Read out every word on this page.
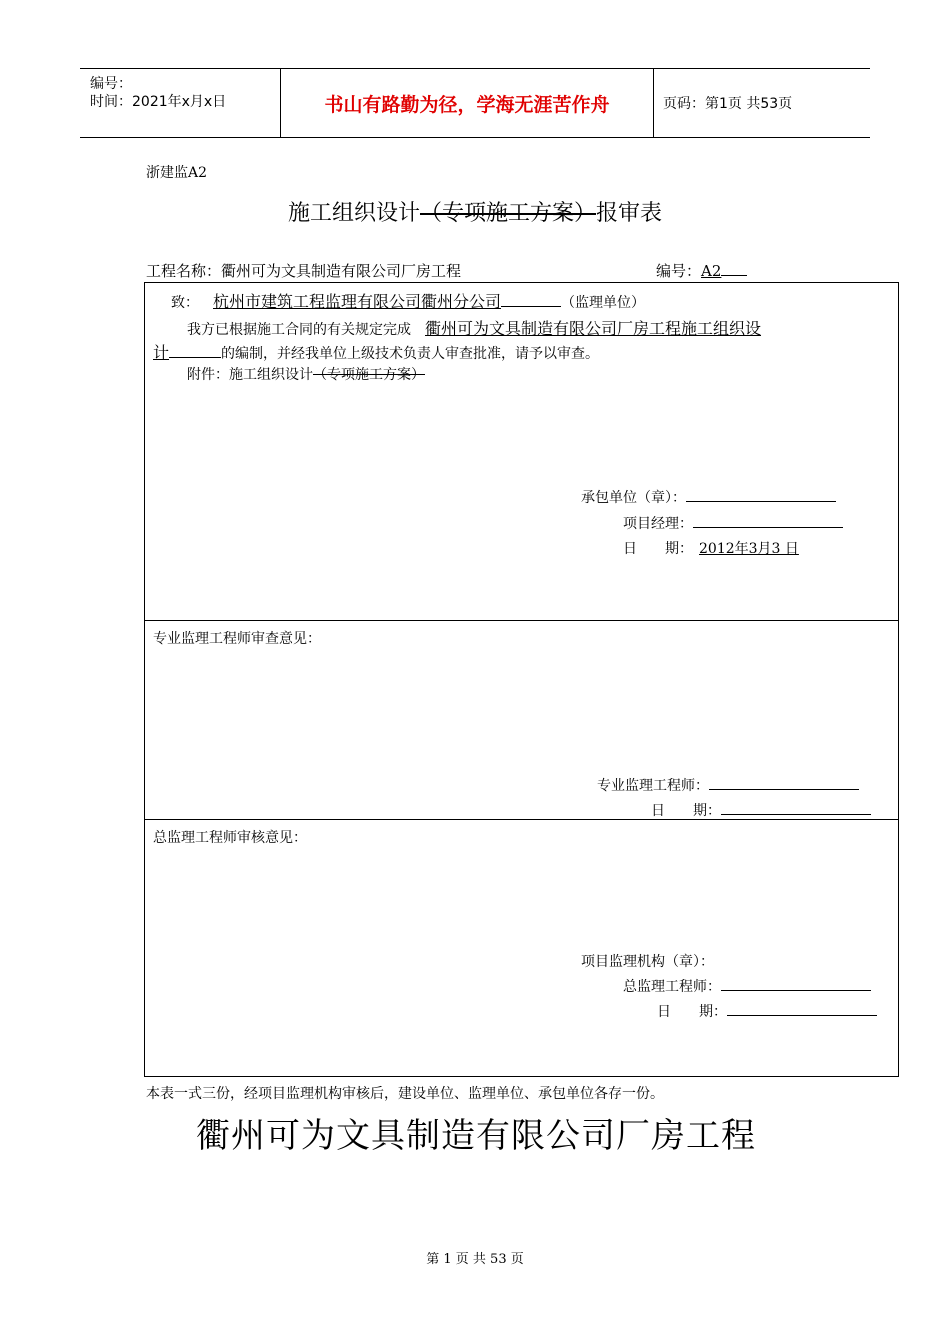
编号：
时间：2021年x月x日	书山有路勤为径，学海无涯苦作舟	页码：第1页 共53页
浙建监A2
施工组织设计（专项施工方案）报审表
工程名称：衢州可为文具制造有限公司厂房工程	编号：A2
致： 杭州市建筑工程监理有限公司衢州分公司	（监理单位）
我方已根据施工合同的有关规定完成 衢州可为文具制造有限公司厂房工程施工组织设
计	的编制，并经我单位上级技术负责人审查批准，请予以审查。
附件：施工组织设计（专项施工方案）
承包单位（章）：
项目经理：
日　　期： 2012年3月3 日
专业监理工程师审查意见：
专业监理工程师：
日　　期：
总监理工程师审核意见：
项目监理机构（章）：
总监理工程师：
日　　期：
本表一式三份，经项目监理机构审核后，建设单位、监理单位、承包单位各存一份。
衢州可为文具制造有限公司厂房工程
第 1 页 共 53 页
